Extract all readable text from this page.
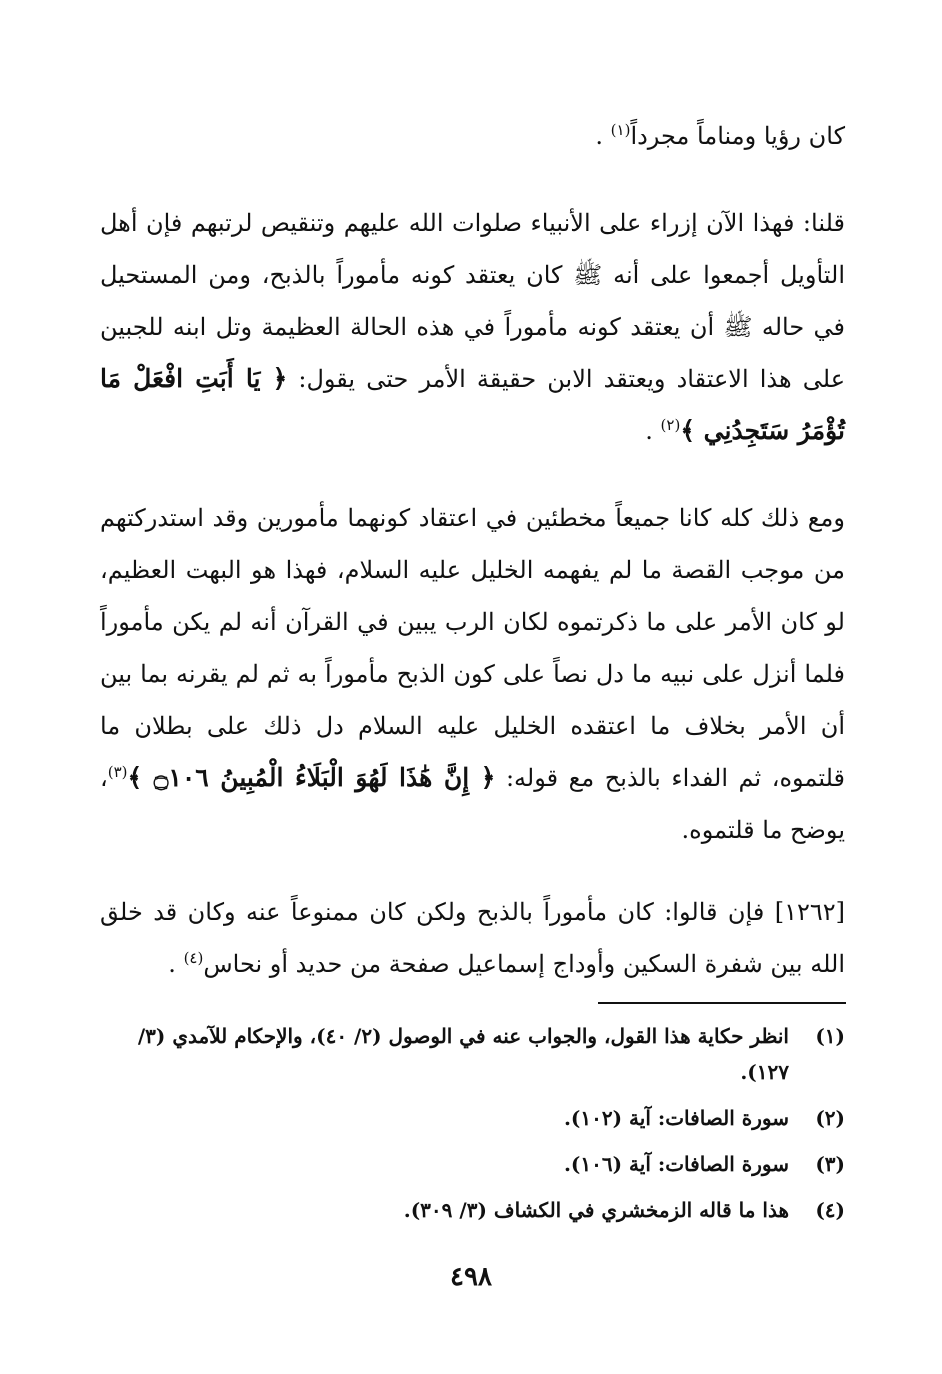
كان رؤيا ومناماً مجرداً$^{(١)}$ .

قلنا: فهذا الآن إزراء على الأنبياء صلوات الله عليهم وتنقيص لرتبهم فإن أهل التأويل أجمعوا على أنه ﷺ كان يعتقد كونه مأموراً بالذبح، ومن المستحيل في حاله ﷺ أن يعتقد كونه مأموراً في هذه الحالة العظيمة وتل ابنه للجبين على هذا الاعتقاد ويعتقد الابن حقيقة الأمر حتى يقول: ﴿ يَا أَبَتِ افْعَلْ مَا تُؤْمَرُ سَتَجِدُنِي ﴾$^{(٢)}$ .

ومع ذلك كله كانا جميعاً مخطئين في اعتقاد كونهما مأمورين وقد استدركتهم من موجب القصة ما لم يفهمه الخليل عليه السلام، فهذا هو البهت العظيم، لو كان الأمر على ما ذكرتموه لكان الرب يبين في القرآن أنه لم يكن مأموراً فلما أنزل على نبيه ما دل نصاً على كون الذبح مأموراً به ثم لم يقرنه بما بين أن الأمر بخلاف ما اعتقده الخليل عليه السلام دل ذلك على بطلان ما قلتموه، ثم الفداء بالذبح مع قوله: ﴿ إِنَّ هَٰذَا لَهُوَ الْبَلَاءُ الْمُبِينُ ۝١٠٦ ﴾$^{(٣)}$، يوضح ما قلتموه.

[١٢٦٢] فإن قالوا: كان مأموراً بالذبح ولكن كان ممنوعاً عنه وكان قد خلق الله بين شفرة السكين وأوداج إسماعيل صفحة من حديد أو نحاس$^{(٤)}$ .

(١)انظر حكاية هذا القول، والجواب عنه في الوصول (٢/ ٤٠)، والإحكام للآمدي (٣/ ١٢٧).

(٢)سورة الصافات: آية (١٠٢).

(٣)سورة الصافات: آية (١٠٦).

(٤)هذا ما قاله الزمخشري في الكشاف (٣/ ٣٠٩).

٤٩٨
